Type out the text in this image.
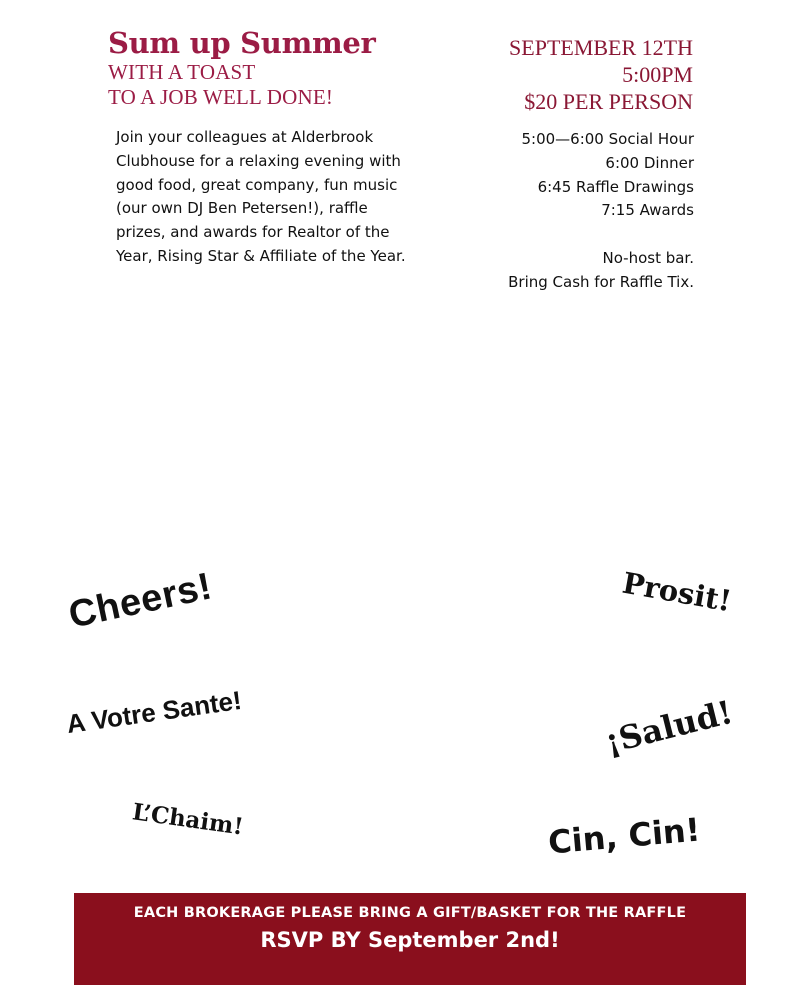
Sum up Summer
WITH A TOAST
TO A JOB WELL DONE!
Join your colleagues at Alderbrook Clubhouse for a relaxing evening with good food, great company, fun music (our own DJ Ben Petersen!), raffle prizes, and awards for Realtor of the Year, Rising Star & Affiliate of the Year.
SEPTEMBER 12TH
5:00PM
$20 PER PERSON
5:00—6:00 Social Hour
6:00 Dinner
6:45 Raffle Drawings
7:15 Awards
No-host bar.
Bring Cash for Raffle Tix.
Cheers!	Prosit!
A Votre Sante!	¡Salud!
L’Chaim!	Cin, Cin!
EACH BROKERAGE PLEASE BRING A GIFT/BASKET FOR THE RAFFLE
RSVP BY September 2nd!
